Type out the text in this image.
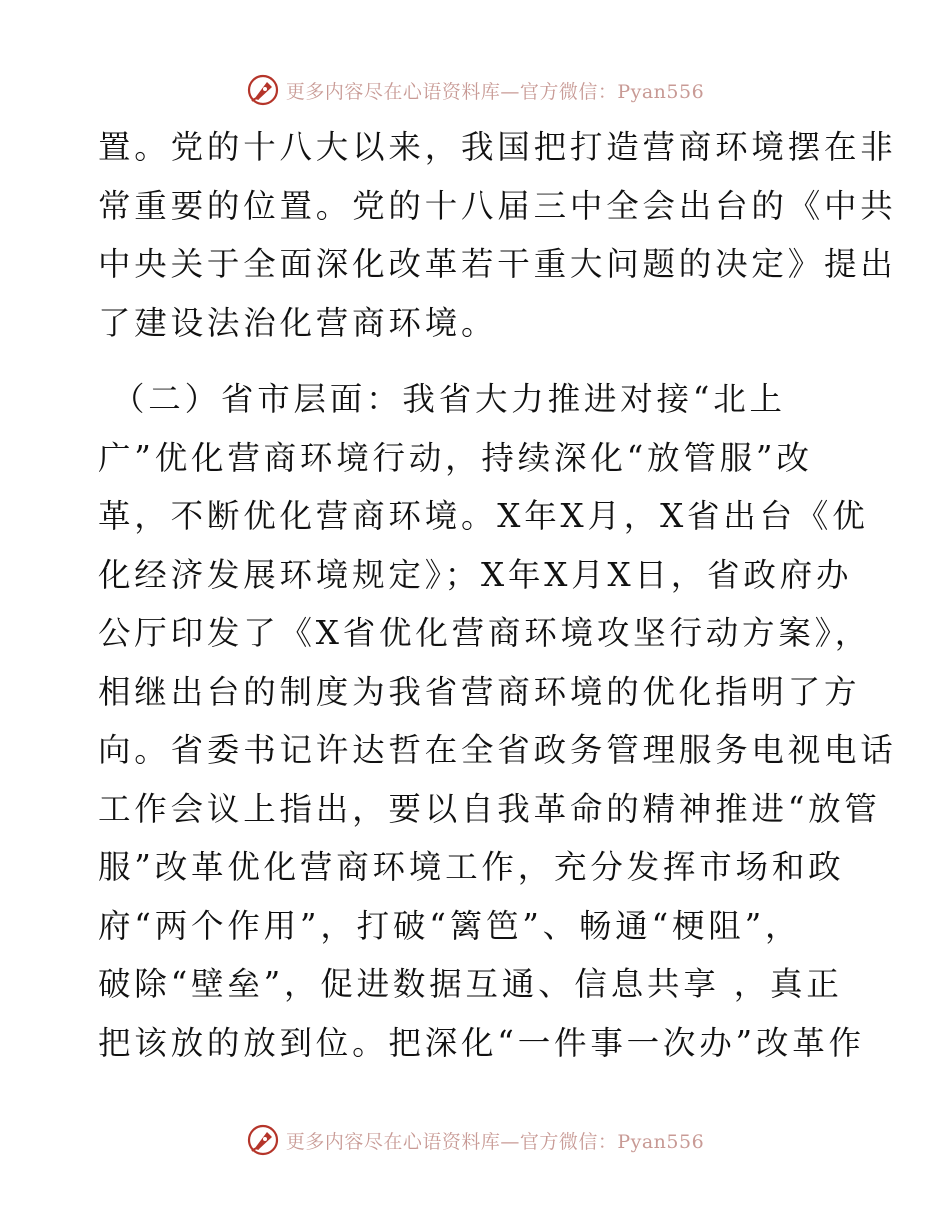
更多内容尽在心语资料库—官方微信：Pyan556

置。党的十八大以来，我国把打造营商环境摆在非
常重要的位置。党的十八届三中全会出台的《中共
中央关于全面深化改革若干重大问题的决定》提出
了建设法治化营商环境。

（二）省市层面：我省大力推进对接“北上
广”优化营商环境行动，持续深化“放管服”改
革，不断优化营商环境。X年X月，X省出台《优
化经济发展环境规定》；X年X月X日，省政府办
公厅印发了《X省优化营商环境攻坚行动方案》，
相继出台的制度为我省营商环境的优化指明了方
向。省委书记许达哲在全省政务管理服务电视电话
工作会议上指出，要以自我革命的精神推进“放管
服”改革优化营商环境工作，充分发挥市场和政
府“两个作用”，打破“篱笆”、畅通“梗阻”，
破除“壁垒”，促进数据互通、信息共享 ，真正
把该放的放到位。把深化“一件事一次办”改革作

更多内容尽在心语资料库—官方微信：Pyan556
